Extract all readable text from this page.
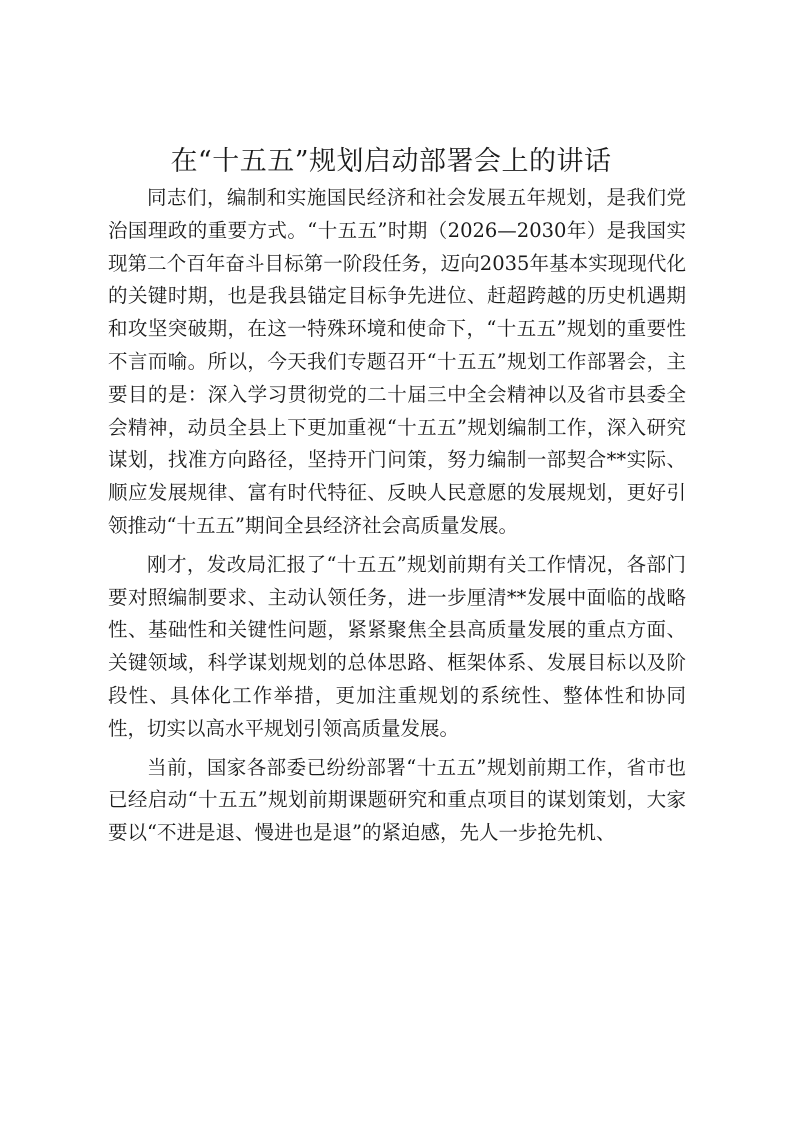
在“十五五”规划启动部署会上的讲话

同志们，编制和实施国民经济和社会发展五年规划，是我们党治国理政的重要方式。“十五五”时期（2026—2030年）是我国实现第二个百年奋斗目标第一阶段任务，迈向2035年基本实现现代化的关键时期，也是我县锚定目标争先进位、赶超跨越的历史机遇期和攻坚突破期，在这一特殊环境和使命下，“十五五”规划的重要性不言而喻。所以，今天我们专题召开“十五五”规划工作部署会，主要目的是：深入学习贯彻党的二十届三中全会精神以及省市县委全会精神，动员全县上下更加重视“十五五”规划编制工作，深入研究谋划，找准方向路径，坚持开门问策，努力编制一部契合**实际、顺应发展规律、富有时代特征、反映人民意愿的发展规划，更好引领推动“十五五”期间全县经济社会高质量发展。

刚才，发改局汇报了“十五五”规划前期有关工作情况，各部门要对照编制要求、主动认领任务，进一步厘清**发展中面临的战略性、基础性和关键性问题，紧紧聚焦全县高质量发展的重点方面、关键领域，科学谋划规划的总体思路、框架体系、发展目标以及阶段性、具体化工作举措，更加注重规划的系统性、整体性和协同性，切实以高水平规划引领高质量发展。

当前，国家各部委已纷纷部署“十五五”规划前期工作，省市也已经启动“十五五”规划前期课题研究和重点项目的谋划策划，大家要以“不进是退、慢进也是退”的紧迫感，先人一步抢先机、
